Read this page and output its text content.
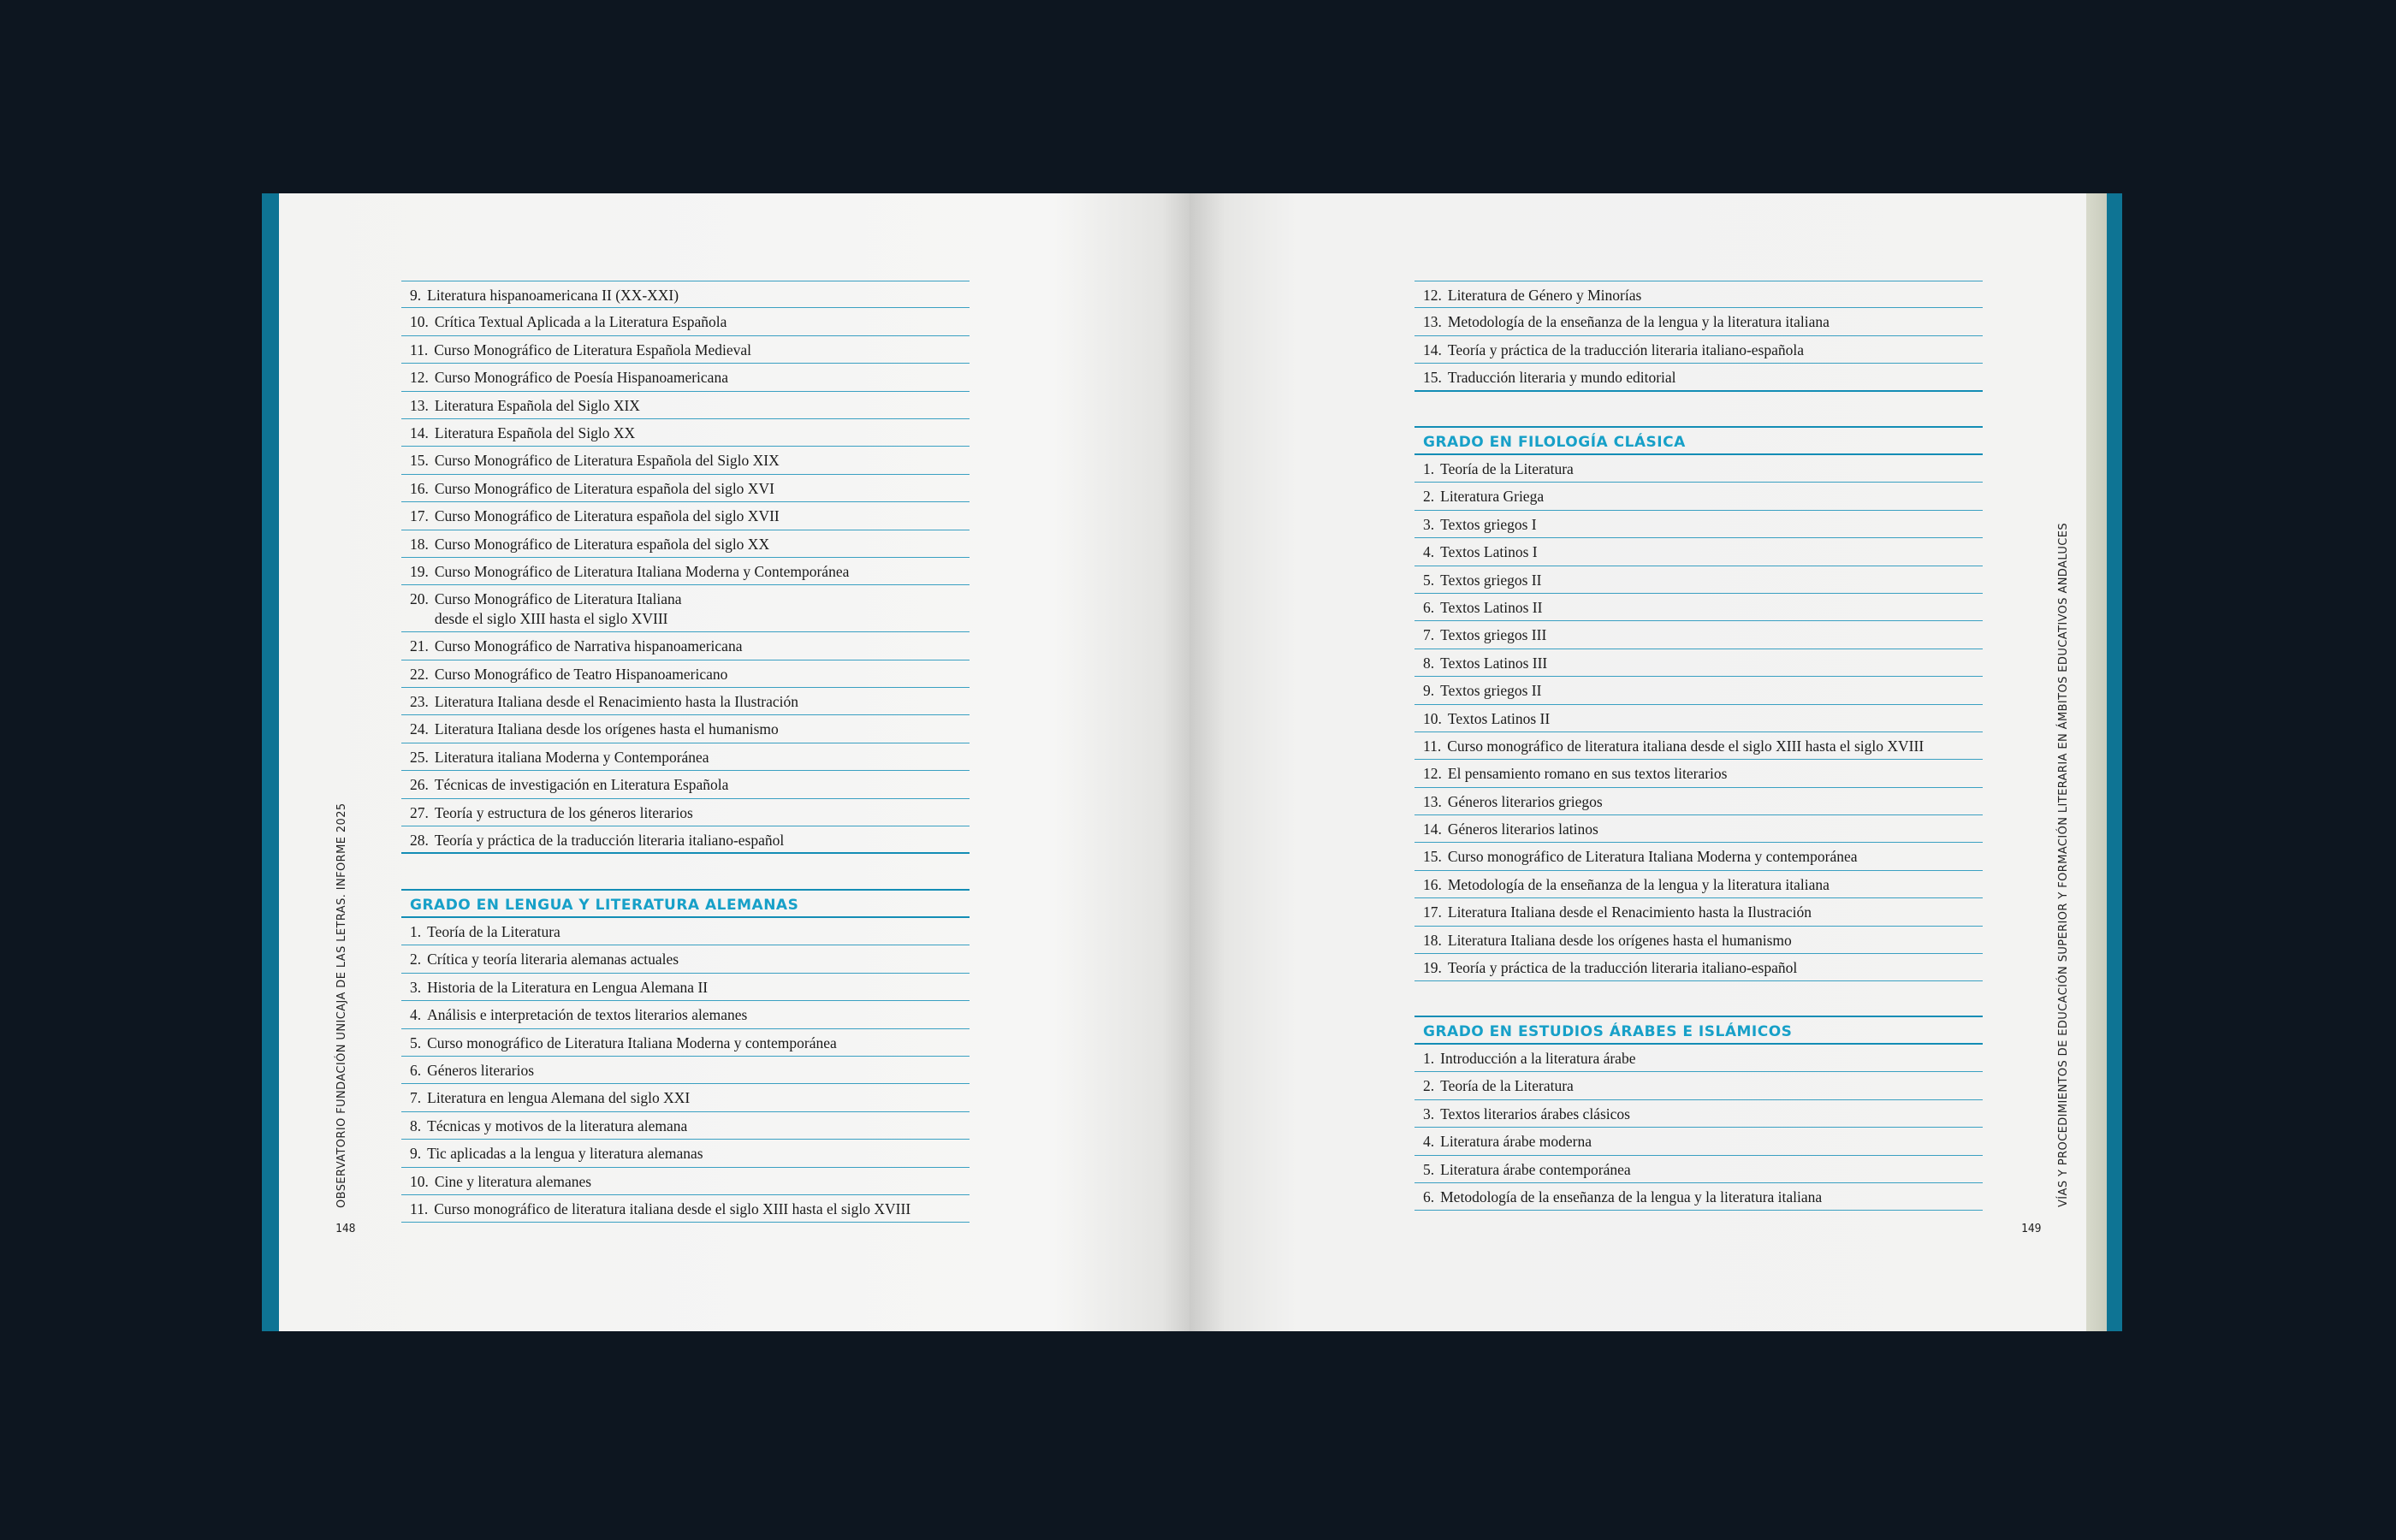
OBSERVATORIO FUNDACIÓN UNICAJA DE LAS LETRAS. INFORME 2025
148
9. Literatura hispanoamericana II (XX-XXI)
10. Crítica Textual Aplicada a la Literatura Española
11. Curso Monográfico de Literatura Española Medieval
12. Curso Monográfico de Poesía Hispanoamericana
13. Literatura Española del Siglo XIX
14. Literatura Española del Siglo XX
15. Curso Monográfico de Literatura Española del Siglo XIX
16. Curso Monográfico de Literatura española del siglo XVI
17. Curso Monográfico de Literatura española del siglo XVII
18. Curso Monográfico de Literatura española del siglo XX
19. Curso Monográfico de Literatura Italiana Moderna y Contemporánea
20. Curso Monográfico de Literatura Italiana
desde el siglo XIII hasta el siglo XVIII
21. Curso Monográfico de Narrativa hispanoamericana
22. Curso Monográfico de Teatro Hispanoamericano
23. Literatura Italiana desde el Renacimiento hasta la Ilustración
24. Literatura Italiana desde los orígenes hasta el humanismo
25. Literatura italiana Moderna y Contemporánea
26. Técnicas de investigación en Literatura Española
27. Teoría y estructura de los géneros literarios
28. Teoría y práctica de la traducción literaria italiano-español
GRADO EN LENGUA Y LITERATURA ALEMANAS
1. Teoría de la Literatura
2. Crítica y teoría literaria alemanas actuales
3. Historia de la Literatura en Lengua Alemana II
4. Análisis e interpretación de textos literarios alemanes
5. Curso monográfico de Literatura Italiana Moderna y contemporánea
6. Géneros literarios
7. Literatura en lengua Alemana del siglo XXI
8. Técnicas y motivos de la literatura alemana
9. Tic aplicadas a la lengua y literatura alemanas
10. Cine y literatura alemanes
11. Curso monográfico de literatura italiana desde el siglo XIII hasta el siglo XVIII
VÍAS Y PROCEDIMIENTOS DE EDUCACIÓN SUPERIOR Y FORMACIÓN LITERARIA EN ÁMBITOS EDUCATIVOS ANDALUCES
149
12. Literatura de Género y Minorías
13. Metodología de la enseñanza de la lengua y la literatura italiana
14. Teoría y práctica de la traducción literaria italiano-española
15. Traducción literaria y mundo editorial
GRADO EN FILOLOGÍA CLÁSICA
1. Teoría de la Literatura
2. Literatura Griega
3. Textos griegos I
4. Textos Latinos I
5. Textos griegos II
6. Textos Latinos II
7. Textos griegos III
8. Textos Latinos III
9. Textos griegos II
10. Textos Latinos II
11. Curso monográfico de literatura italiana desde el siglo XIII hasta el siglo XVIII
12. El pensamiento romano en sus textos literarios
13. Géneros literarios griegos
14. Géneros literarios latinos
15. Curso monográfico de Literatura Italiana Moderna y contemporánea
16. Metodología de la enseñanza de la lengua y la literatura italiana
17. Literatura Italiana desde el Renacimiento hasta la Ilustración
18. Literatura Italiana desde los orígenes hasta el humanismo
19. Teoría y práctica de la traducción literaria italiano-español
GRADO EN ESTUDIOS ÁRABES E ISLÁMICOS
1. Introducción a la literatura árabe
2. Teoría de la Literatura
3. Textos literarios árabes clásicos
4. Literatura árabe moderna
5. Literatura árabe contemporánea
6. Metodología de la enseñanza de la lengua y la literatura italiana
